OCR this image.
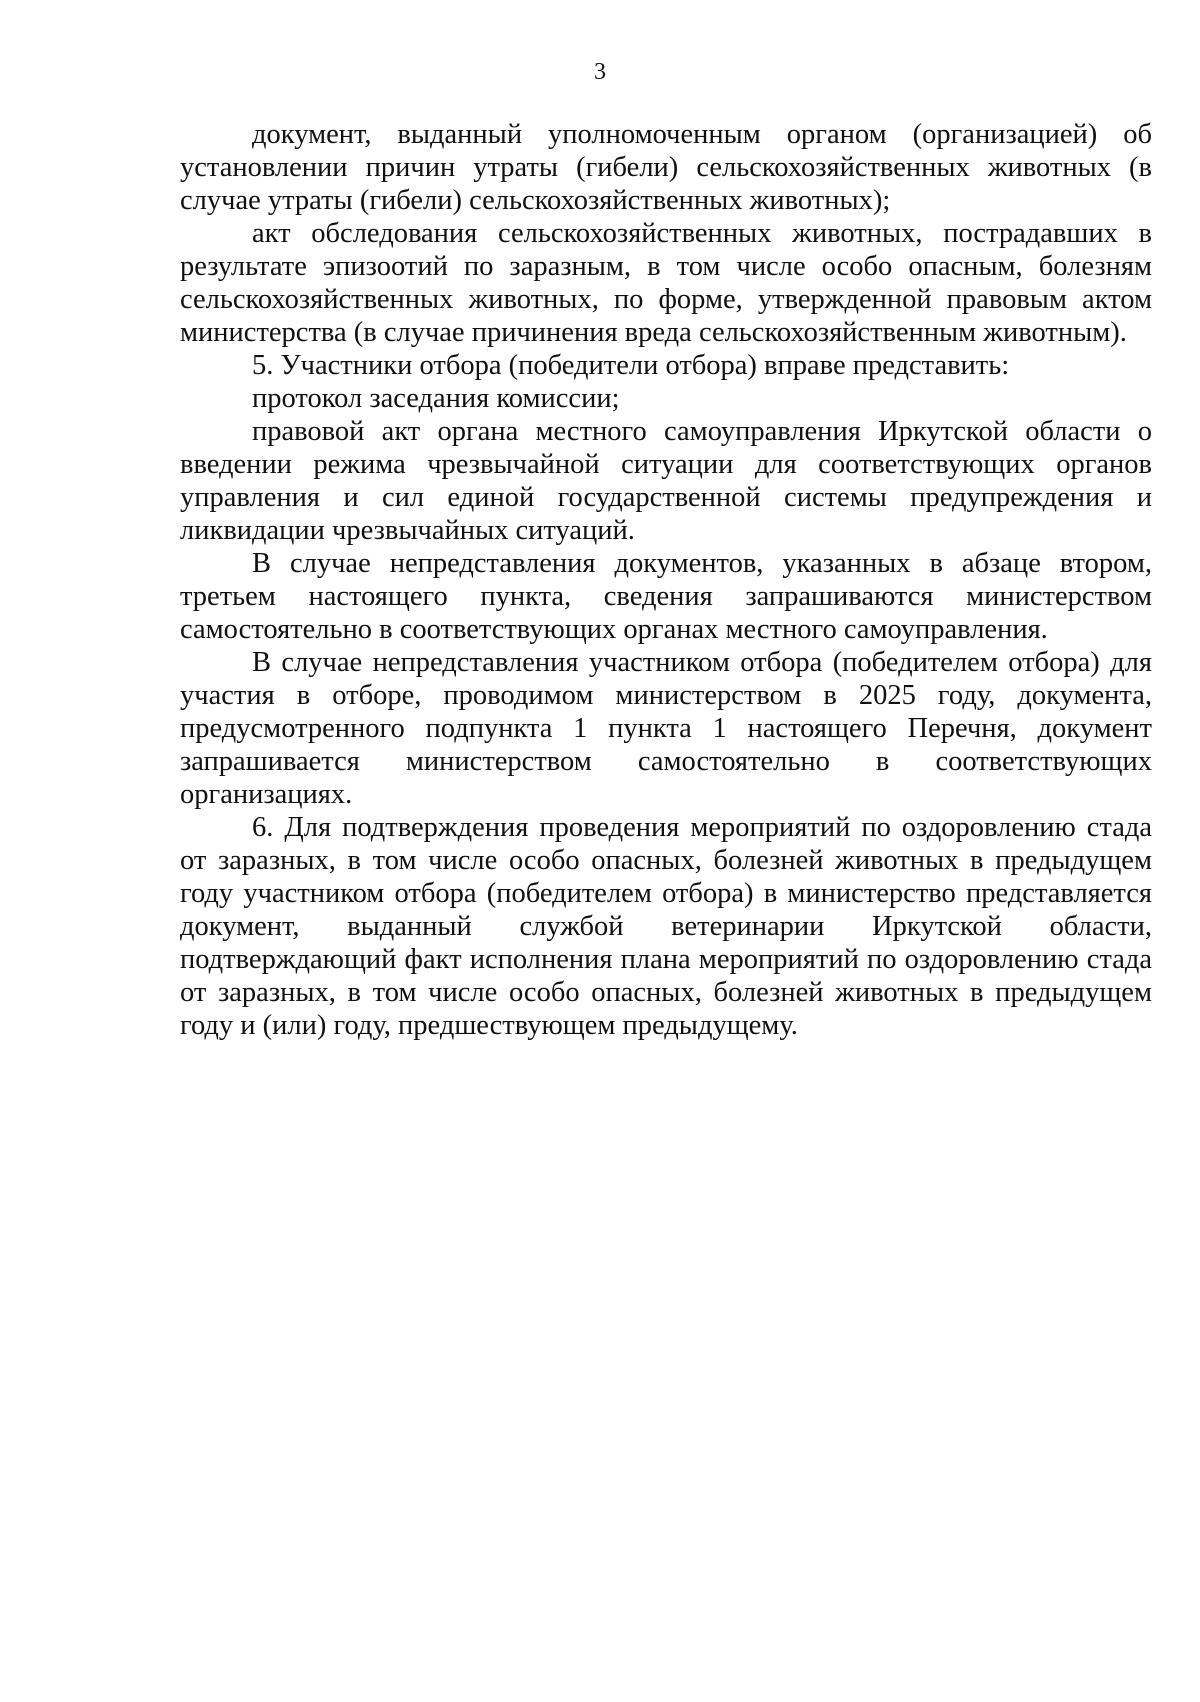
3

документ, выданный уполномоченным органом (организацией) об установлении причин утраты (гибели) сельскохозяйственных животных (в случае утраты (гибели) сельскохозяйственных животных);

акт обследования сельскохозяйственных животных, пострадавших в результате эпизоотий по заразным, в том числе особо опасным, болезням сельскохозяйственных животных, по форме, утвержденной правовым актом министерства (в случае причинения вреда сельскохозяйственным животным).

5. Участники отбора (победители отбора) вправе представить:

протокол заседания комиссии;

правовой акт органа местного самоуправления Иркутской области о введении режима чрезвычайной ситуации для соответствующих органов управления и сил единой государственной системы предупреждения и ликвидации чрезвычайных ситуаций.

В случае непредставления документов, указанных в абзаце втором, третьем настоящего пункта, сведения запрашиваются министерством самостоятельно в соответствующих органах местного самоуправления.

В случае непредставления участником отбора (победителем отбора) для участия в отборе, проводимом министерством в 2025 году, документа, предусмотренного подпункта 1 пункта 1 настоящего Перечня, документ запрашивается министерством самостоятельно в соответствующих организациях.

6. Для подтверждения проведения мероприятий по оздоровлению стада от заразных, в том числе особо опасных, болезней животных в предыдущем году участником отбора (победителем отбора) в министерство представляется документ, выданный службой ветеринарии Иркутской области, подтверждающий факт исполнения плана мероприятий по оздоровлению стада от заразных, в том числе особо опасных, болезней животных в предыдущем году и (или) году, предшествующем предыдущему.
